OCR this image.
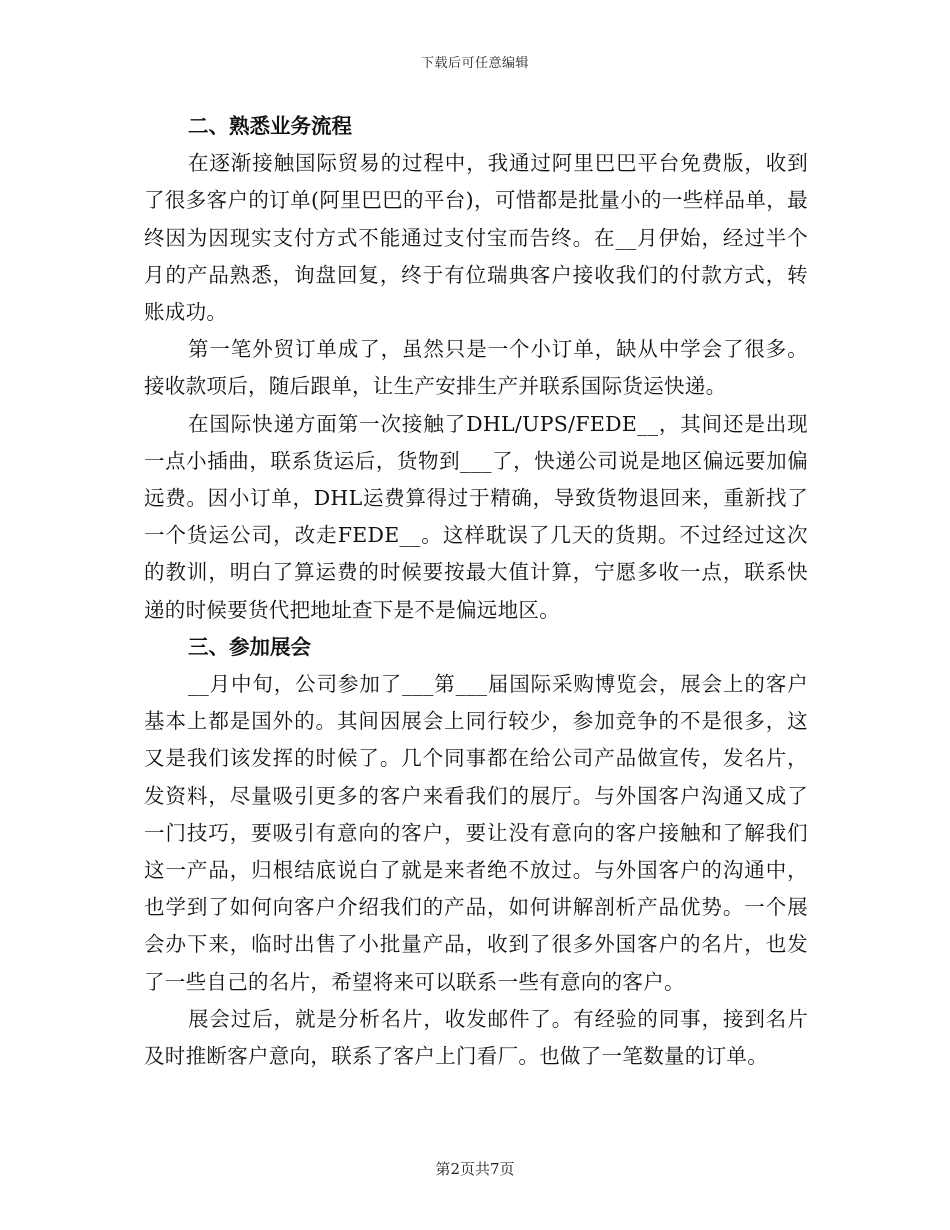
下载后可任意编辑
二、熟悉业务流程

在逐渐接触国际贸易的过程中，我通过阿里巴巴平台免费版，收到了很多客户的订单(阿里巴巴的平台)，可惜都是批量小的一些样品单，最终因为因现实支付方式不能通过支付宝而告终。在__月伊始，经过半个月的产品熟悉，询盘回复，终于有位瑞典客户接收我们的付款方式，转账成功。

第一笔外贸订单成了，虽然只是一个小订单，缺从中学会了很多。接收款项后，随后跟单，让生产安排生产并联系国际货运快递。

在国际快递方面第一次接触了DHL/UPS/FEDE__，其间还是出现一点小插曲，联系货运后，货物到___了，快递公司说是地区偏远要加偏远费。因小订单，DHL运费算得过于精确，导致货物退回来，重新找了一个货运公司，改走FEDE__。这样耽误了几天的货期。不过经过这次的教训，明白了算运费的时候要按最大值计算，宁愿多收一点，联系快递的时候要货代把地址查下是不是偏远地区。

三、参加展会

__月中旬，公司参加了___第___届国际采购博览会，展会上的客户基本上都是国外的。其间因展会上同行较少，参加竞争的不是很多，这又是我们该发挥的时候了。几个同事都在给公司产品做宣传，发名片，发资料，尽量吸引更多的客户来看我们的展厅。与外国客户沟通又成了一门技巧，要吸引有意向的客户，要让没有意向的客户接触和了解我们这一产品，归根结底说白了就是来者绝不放过。与外国客户的沟通中，也学到了如何向客户介绍我们的产品，如何讲解剖析产品优势。一个展会办下来，临时出售了小批量产品，收到了很多外国客户的名片，也发了一些自己的名片，希望将来可以联系一些有意向的客户。

展会过后，就是分析名片，收发邮件了。有经验的同事，接到名片及时推断客户意向，联系了客户上门看厂。也做了一笔数量的订单。

第2页共7页
